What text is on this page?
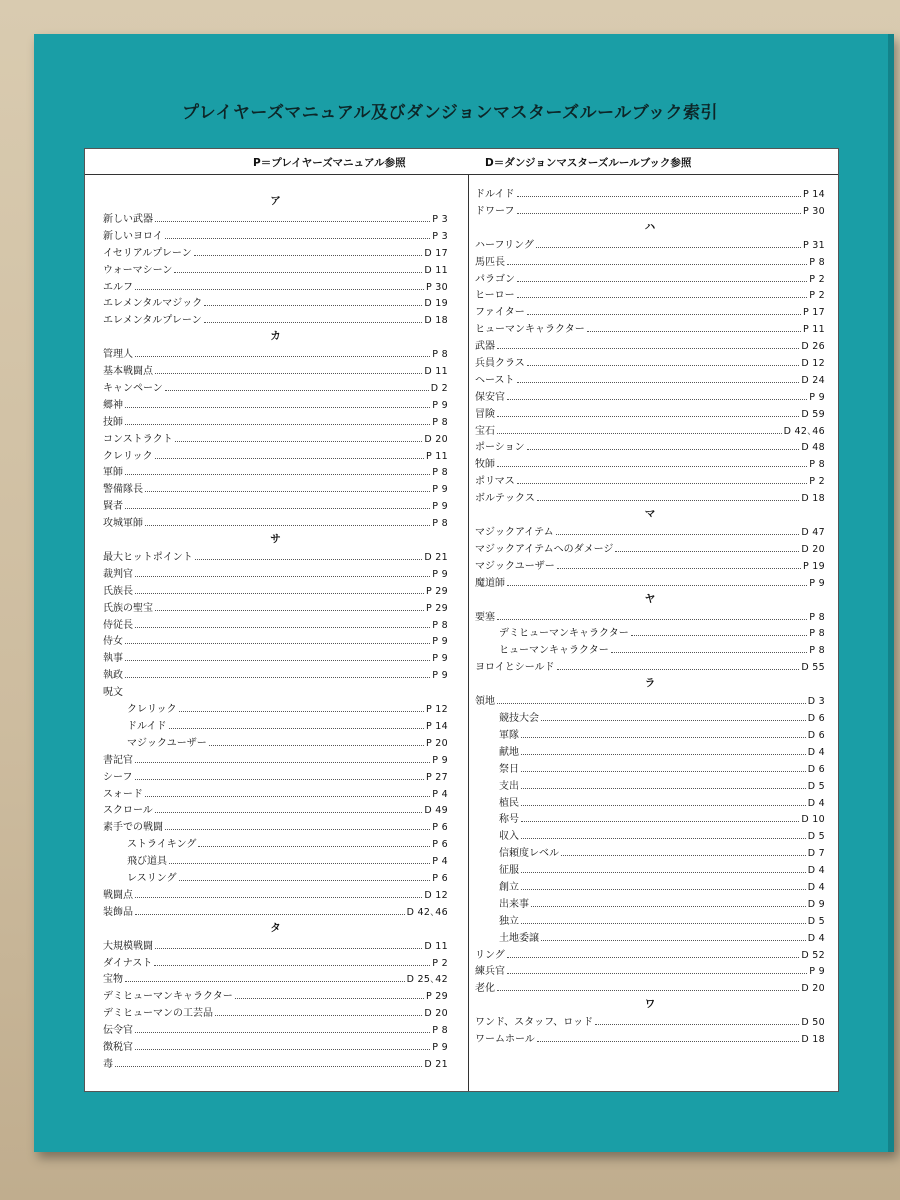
プレイヤーズマニュアル及びダンジョンマスターズルールブック索引
P＝プレイヤーズマニュアル参照	D＝ダンジョンマスターズルールブック参照
ア
新しい武器	P 3
新しいヨロイ	P 3
イセリアルプレーン	D 17
ウォーマシーン	D 11
エルフ	P 30
エレメンタルマジック	D 19
エレメンタルプレーン	D 18
カ
管理人	P 8
基本戦闘点	D 11
キャンペーン	D 2
郷神	P 9
技師	P 8
コンストラクト	D 20
クレリック	P 11
軍師	P 8
警備隊長	P 9
賢者	P 9
攻城軍師	P 8
サ
最大ヒットポイント	D 21
裁判官	P 9
氏族長	P 29
氏族の聖宝	P 29
侍従長	P 8
侍女	P 9
執事	P 9
執政	P 9
呪文
クレリック	P 12
ドルイド	P 14
マジックユーザー	P 20
書記官	P 9
シーフ	P 27
スォード	P 4
スクロール	D 49
素手での戦闘	P 6
ストライキング	P 6
飛び道具	P 4
レスリング	P 6
戦闘点	D 12
装飾品	D 42､46
タ
大規模戦闘	D 11
ダイナスト	P 2
宝物	D 25､42
デミヒューマンキャラクター	P 29
デミヒューマンの工芸品	D 20
伝令官	P 8
徴税官	P 9
毒	D 21
ドルイド	P 14
ドワーフ	P 30
ハ
ハーフリング	P 31
馬匹長	P 8
パラゴン	P 2
ヒーロー	P 2
ファイター	P 17
ヒューマンキャラクター	P 11
武器	D 26
兵員クラス	D 12
ヘースト	D 24
保安官	P 9
冒険	D 59
宝石	D 42､46
ポーション	D 48
牧師	P 8
ポリマス	P 2
ボルテックス	D 18
マ
マジックアイテム	D 47
マジックアイテムへのダメージ	D 20
マジックユーザー	P 19
魔道師	P 9
ヤ
要塞	P 8
デミヒューマンキャラクター	P 8
ヒューマンキャラクター	P 8
ヨロイとシールド	D 55
ラ
領地	D 3
競技大会	D 6
軍隊	D 6
献地	D 4
祭日	D 6
支出	D 5
植民	D 4
称号	D 10
収入	D 5
信頼度レベル	D 7
征服	D 4
創立	D 4
出来事	D 9
独立	D 5
土地委譲	D 4
リング	D 52
練兵官	P 9
老化	D 20
ワ
ワンド、スタッフ、ロッド	D 50
ワームホール	D 18
